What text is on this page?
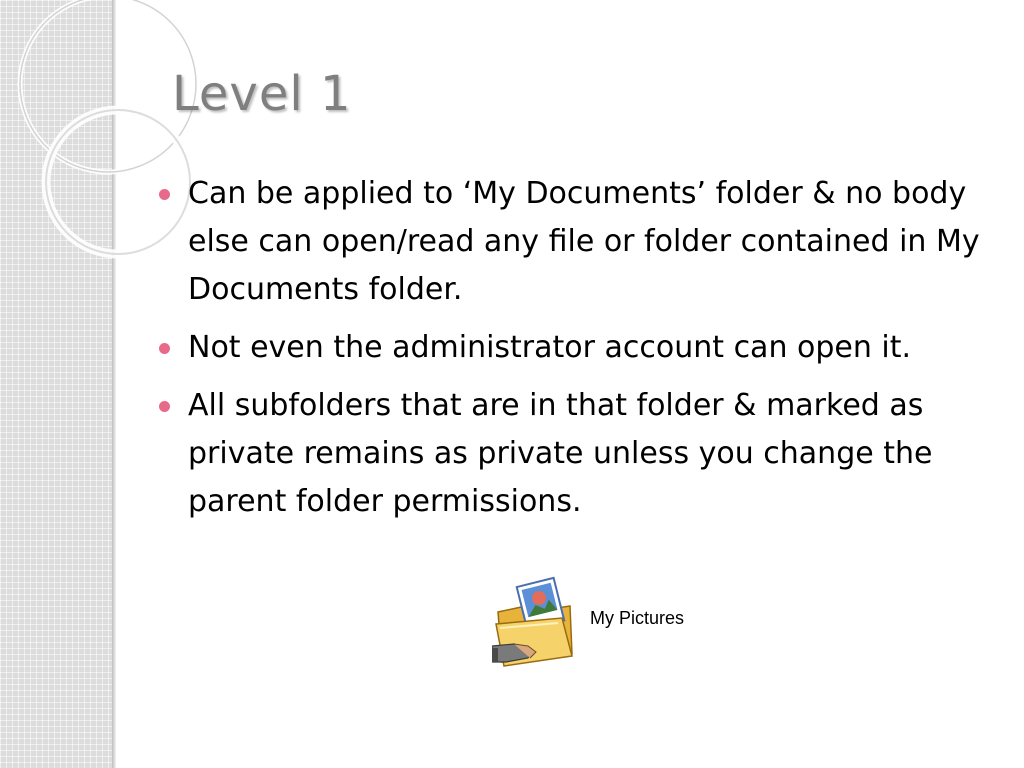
Level 1
Can be applied to ‘My Documents’ folder & no body else can open/read any file or folder contained in My Documents folder.
Not even the administrator account can open it.
All subfolders that are in that folder & marked as private remains as private unless you change the parent folder permissions.
My Pictures
